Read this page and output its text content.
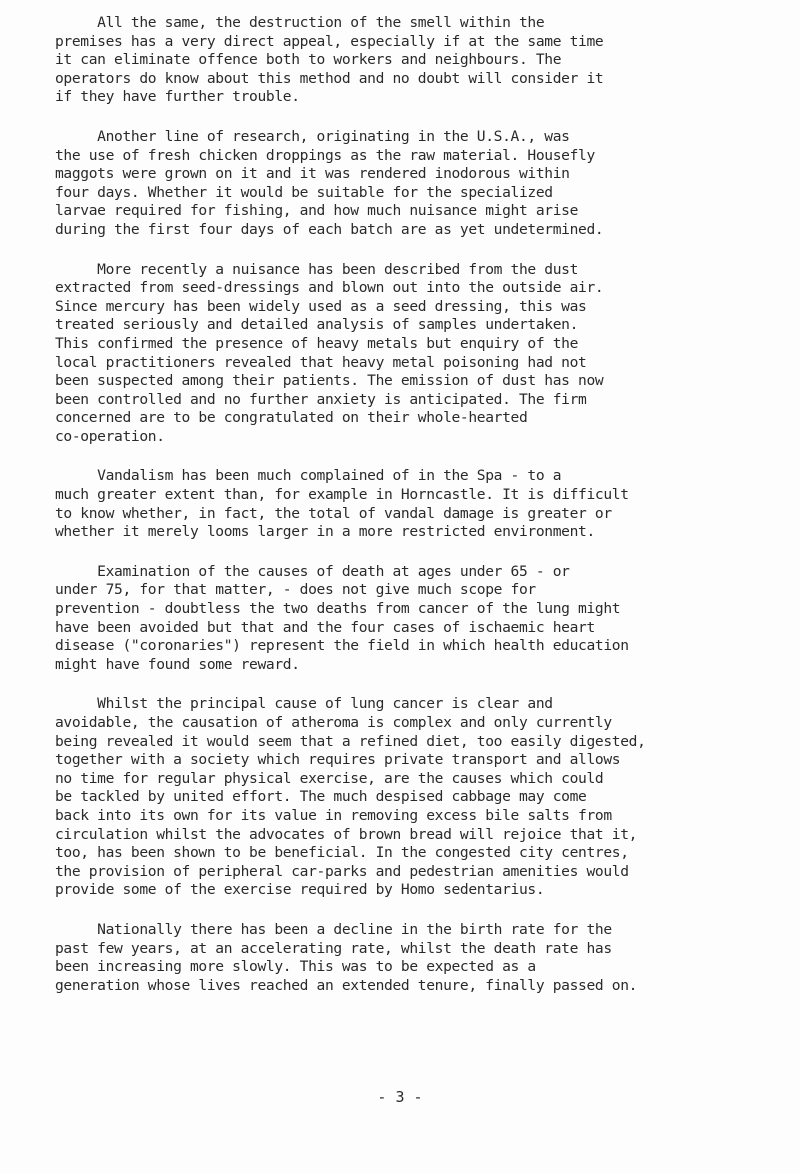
All the same, the destruction of the smell within the
premises has a very direct appeal, especially if at the same time
it can eliminate offence both to workers and neighbours. The
operators do know about this method and no doubt will consider it
if they have further trouble.

Another line of research, originating in the U.S.A., was
the use of fresh chicken droppings as the raw material. Housefly
maggots were grown on it and it was rendered inodorous within
four days. Whether it would be suitable for the specialized
larvae required for fishing, and how much nuisance might arise
during the first four days of each batch are as yet undetermined.

More recently a nuisance has been described from the dust
extracted from seed-dressings and blown out into the outside air.
Since mercury has been widely used as a seed dressing, this was
treated seriously and detailed analysis of samples undertaken.
This confirmed the presence of heavy metals but enquiry of the
local practitioners revealed that heavy metal poisoning had not
been suspected among their patients. The emission of dust has now
been controlled and no further anxiety is anticipated. The firm
concerned are to be congratulated on their whole-hearted
co-operation.

Vandalism has been much complained of in the Spa - to a
much greater extent than, for example in Horncastle. It is difficult
to know whether, in fact, the total of vandal damage is greater or
whether it merely looms larger in a more restricted environment.

Examination of the causes of death at ages under 65 - or
under 75, for that matter, - does not give much scope for
prevention - doubtless the two deaths from cancer of the lung might
have been avoided but that and the four cases of ischaemic heart
disease ("coronaries") represent the field in which health education
might have found some reward.

Whilst the principal cause of lung cancer is clear and
avoidable, the causation of atheroma is complex and only currently
being revealed it would seem that a refined diet, too easily digested,
together with a society which requires private transport and allows
no time for regular physical exercise, are the causes which could
be tackled by united effort. The much despised cabbage may come
back into its own for its value in removing excess bile salts from
circulation whilst the advocates of brown bread will rejoice that it,
too, has been shown to be beneficial. In the congested city centres,
the provision of peripheral car-parks and pedestrian amenities would
provide some of the exercise required by Homo sedentarius.

Nationally there has been a decline in the birth rate for the
past few years, at an accelerating rate, whilst the death rate has
been increasing more slowly. This was to be expected as a
generation whose lives reached an extended tenure, finally passed on.

- 3 -
